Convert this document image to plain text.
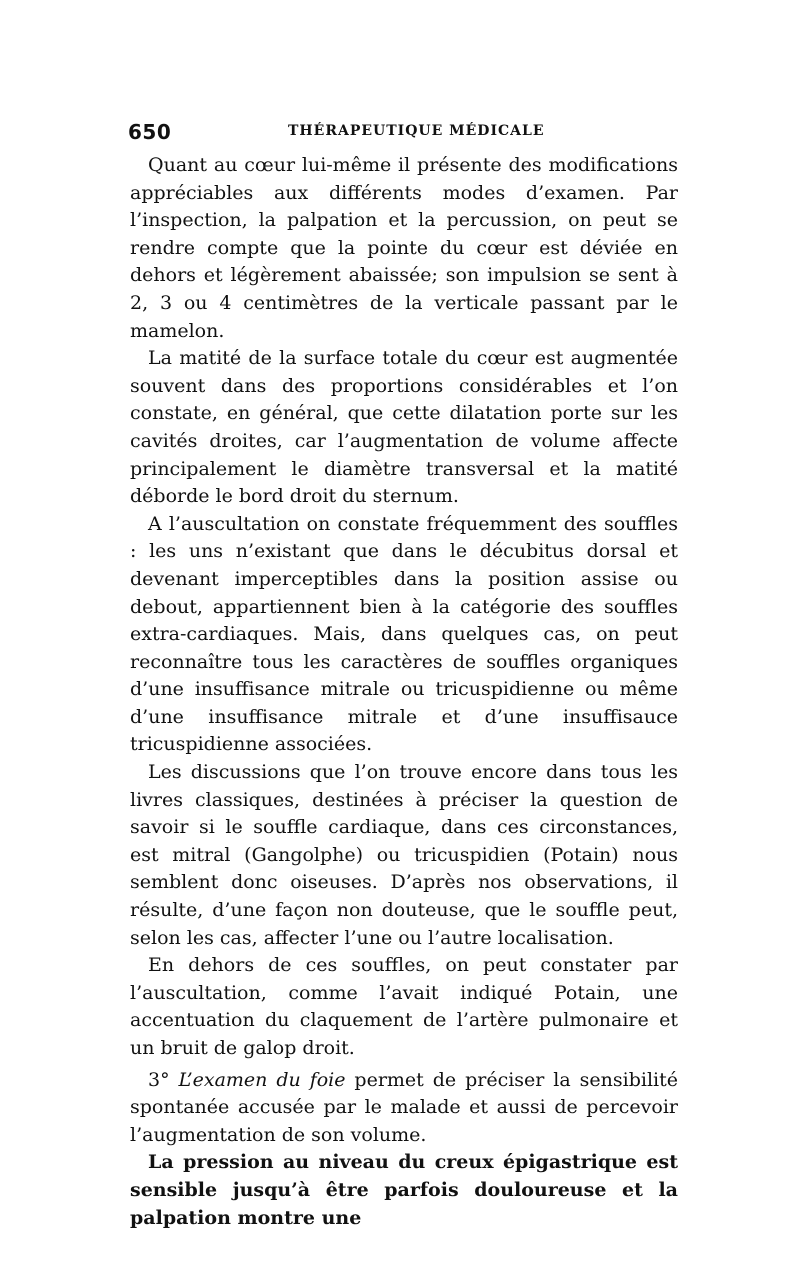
650	THÉRAPEUTIQUE MÉDICALE

Quant au cœur lui-même il présente des modifications appréciables aux différents modes d’examen. Par l’inspection, la palpation et la percussion, on peut se rendre compte que la pointe du cœur est déviée en dehors et légèrement abaissée; son impulsion se sent à 2, 3 ou 4 centimètres de la verticale passant par le mamelon.

La matité de la surface totale du cœur est augmentée souvent dans des proportions considérables et l’on constate, en général, que cette dilatation porte sur les cavités droites, car l’augmentation de volume affecte principalement le diamètre transversal et la matité déborde le bord droit du sternum.

A l’auscultation on constate fréquemment des souffles : les uns n’existant que dans le décubitus dorsal et devenant imperceptibles dans la position assise ou debout, appartiennent bien à la catégorie des souffles extra-cardiaques. Mais, dans quelques cas, on peut reconnaître tous les caractères de souffles organiques d’une insuffisance mitrale ou tricuspidienne ou même d’une insuffisance mitrale et d’une insuffisauce tricuspidienne associées.

Les discussions que l’on trouve encore dans tous les livres classiques, destinées à préciser la question de savoir si le souffle cardiaque, dans ces circonstances, est mitral (Gangolphe) ou tricuspidien (Potain) nous semblent donc oiseuses. D’après nos observations, il résulte, d’une façon non douteuse, que le souffle peut, selon les cas, affecter l’une ou l’autre localisation.

En dehors de ces souffles, on peut constater par l’auscultation, comme l’avait indiqué Potain, une accentuation du claquement de l’artère pulmonaire et un bruit de galop droit.

3° L’examen du foie permet de préciser la sensibilité spontanée accusée par le malade et aussi de percevoir l’augmentation de son volume.

La pression au niveau du creux épigastrique est sensible jusqu’à être parfois douloureuse et la palpation montre une
